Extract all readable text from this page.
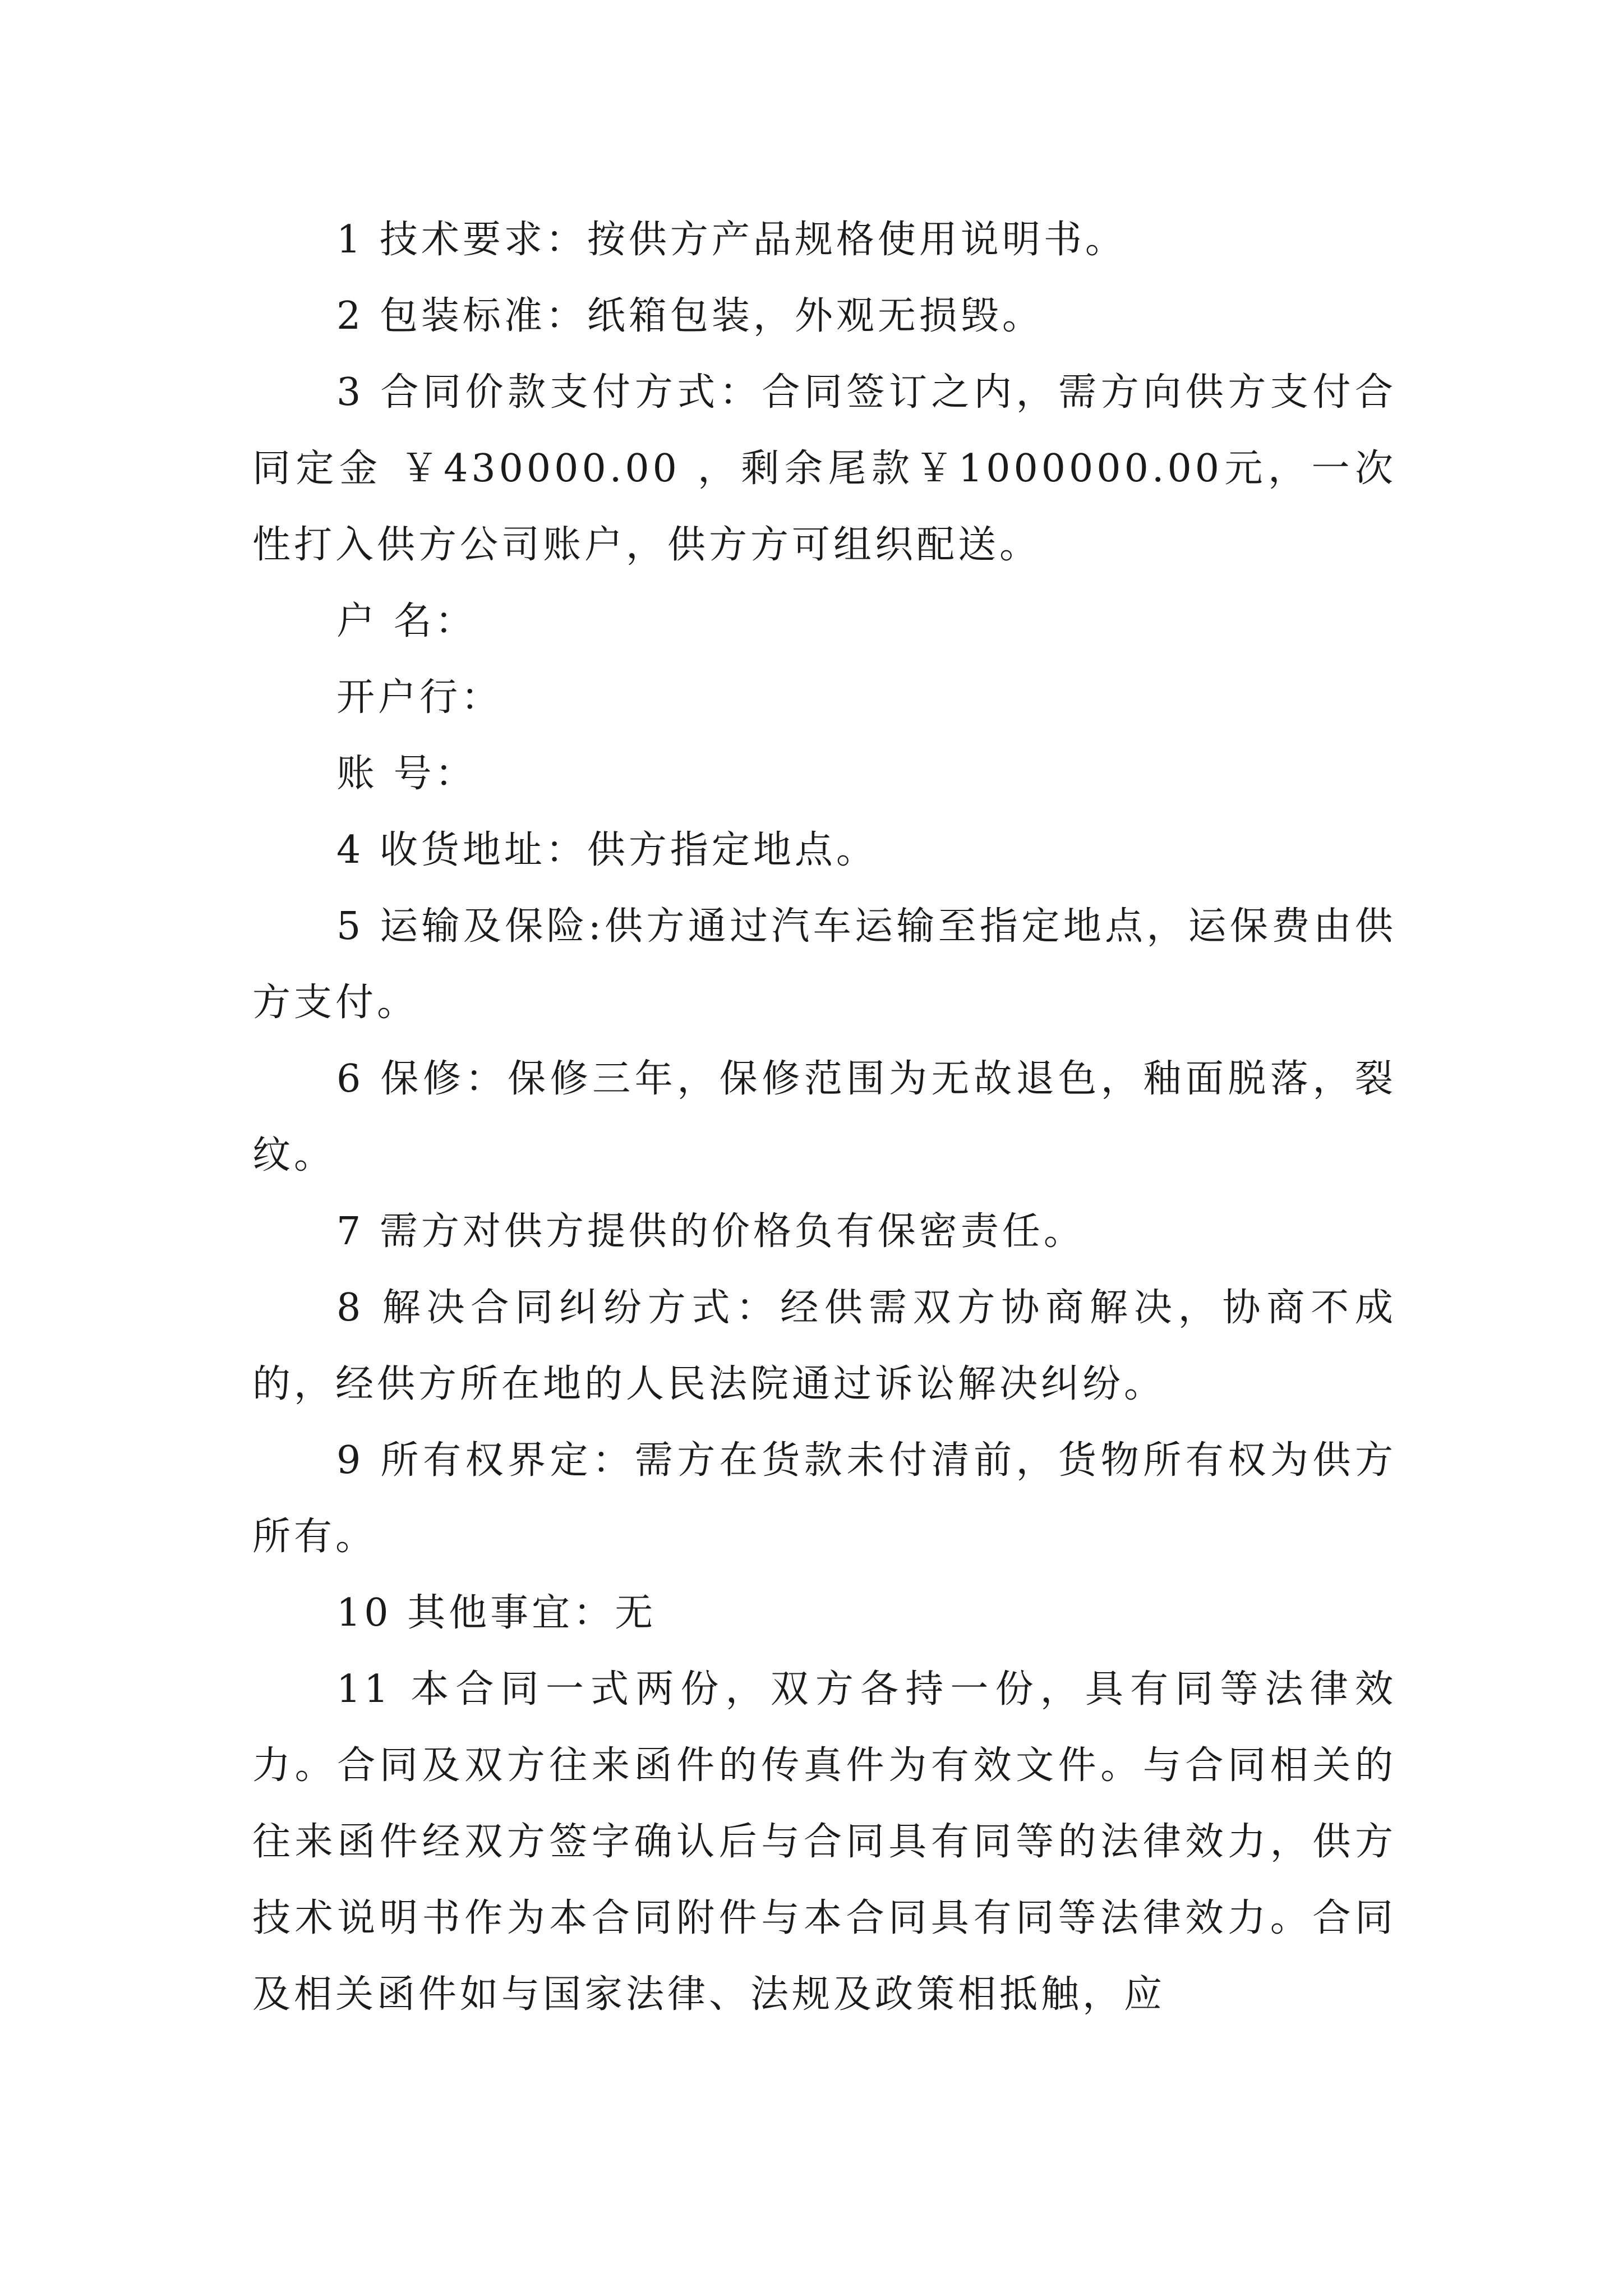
1 技术要求：按供方产品规格使用说明书。

2 包装标准：纸箱包装，外观无损毁。

3 合同价款支付方式：合同签订之内，需方向供方支付合同定金 ￥430000.00 ，剩余尾款￥1000000.00元，一次性打入供方公司账户，供方方可组织配送。

户 名：

开户行：

账 号：

4 收货地址：供方指定地点。

5 运输及保险:供方通过汽车运输至指定地点，运保费由供方支付。

6 保修：保修三年，保修范围为无故退色，釉面脱落，裂纹。

7 需方对供方提供的价格负有保密责任。

8 解决合同纠纷方式：经供需双方协商解决，协商不成的，经供方所在地的人民法院通过诉讼解决纠纷。

9 所有权界定：需方在货款未付清前，货物所有权为供方所有。

10 其他事宜：无

11 本合同一式两份，双方各持一份，具有同等法律效力。合同及双方往来函件的传真件为有效文件。与合同相关的往来函件经双方签字确认后与合同具有同等的法律效力，供方技术说明书作为本合同附件与本合同具有同等法律效力。合同及相关函件如与国家法律、法规及政策相抵触，应
